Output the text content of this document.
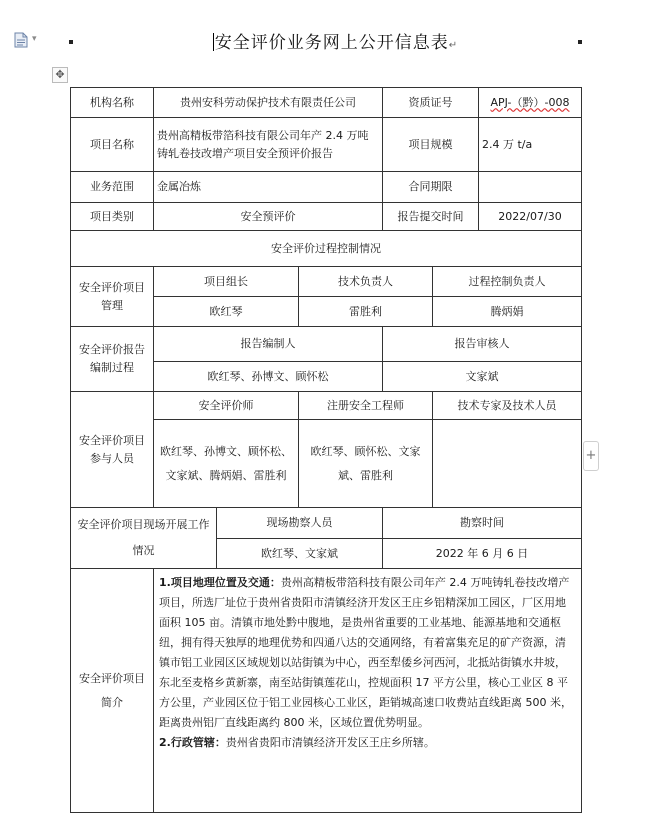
▾	安全评价业务网上公开信息表↵
✥
+
机构名称	贵州安科劳动保护技术有限责任公司			资质证号		APJ-（黔）-008
项目名称	贵州高精板带箔科技有限公司年产 2.4 万吨铸轧卷技改增产项目安全预评价报告			项目规模		2.4 万 t/a
业务范围	金属冶炼			合同期限		
项目类别	安全预评价			报告提交时间		2022/07/30
安全评价过程控制情况						
安全评价项目管理	项目组长		技术负责人		过程控制负责人	
	欧红琴		雷胜利		腾炳娟	
安全评价报告编制过程	报告编制人			报告审核人		
	欧红琴、孙博文、顾怀松			文家斌		
安全评价项目参与人员	安全评价师		注册安全工程师		技术专家及技术人员	
	欧红琴、孙博文、顾怀松、文家斌、腾炳娟、雷胜利		欧红琴、顾怀松、文家斌、雷胜利			
安全评价项目现场开展工作情况		现场勘察人员		勘察时间		
		欧红琴、文家斌		2022 年 6 月 6 日		
安全评价项目简介	1.项目地理位置及交通：贵州高精板带箔科技有限公司年产 2.4 万吨铸轧卷技改增产项目，所选厂址位于贵州省贵阳市清镇经济开发区王庄乡铝精深加工园区，厂区用地面积 105 亩。清镇市地处黔中腹地，是贵州省重要的工业基地、能源基地和交通枢纽，拥有得天独厚的地理优势和四通八达的交通网络，有着富集充足的矿产资源，清镇市铝工业园区区域规划以站街镇为中心，西至犁倭乡河西河，北抵站街镇水井坡，东北至麦格乡黄新寨，南至站街镇莲花山，控规面积 17 平方公里，核心工业区 8 平方公里，产业园区位于铝工业园核心工业区，距销城高速口收费站直线距离 500 米，距离贵州铝厂直线距离约 800 米，区域位置优势明显。
2.行政管辖：贵州省贵阳市清镇经济开发区王庄乡所辖。					
